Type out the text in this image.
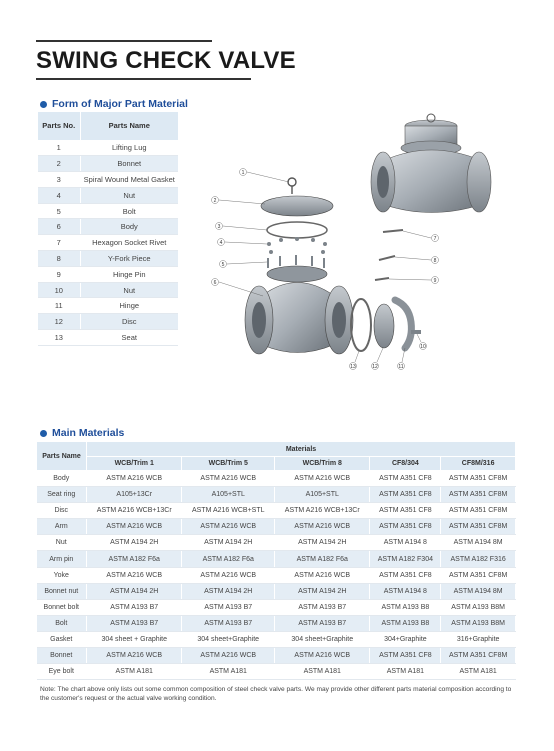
SWING CHECK VALVE
Form of Major Part Material
Parts No.	Parts Name
1	Lifting Lug
2	Bonnet
3	Spiral Wound Metal Gasket
4	Nut
5	Bolt
6	Body
7	Hexagon Socket Rivet
8	Y-Fork Piece
9	Hinge Pin
10	Nut
11	Hinge
12	Disc
13	Seat
1
2
3
4
5
6
7
8
9
10
11
12
13
Main Materials
Parts Name	Materials				
	WCB/Trim 1	WCB/Trim 5	WCB/Trim 8	CF8/304	CF8M/316
Body	ASTM A216 WCB	ASTM A216 WCB	ASTM A216 WCB	ASTM A351 CF8	ASTM A351 CF8M
Seat ring	A105+13Cr	A105+STL	A105+STL	ASTM A351 CF8	ASTM A351 CF8M
Disc	ASTM A216 WCB+13Cr	ASTM A216 WCB+STL	ASTM A216 WCB+13Cr	ASTM A351 CF8	ASTM A351 CF8M
Arm	ASTM A216 WCB	ASTM A216 WCB	ASTM A216 WCB	ASTM A351 CF8	ASTM A351 CF8M
Nut	ASTM A194 2H	ASTM A194 2H	ASTM A194 2H	ASTM A194 8	ASTM A194 8M
Arm pin	ASTM A182 F6a	ASTM A182 F6a	ASTM A182 F6a	ASTM A182 F304	ASTM A182 F316
Yoke	ASTM A216 WCB	ASTM A216 WCB	ASTM A216 WCB	ASTM A351 CF8	ASTM A351 CF8M
Bonnet nut	ASTM A194 2H	ASTM A194 2H	ASTM A194 2H	ASTM A194 8	ASTM A194 8M
Bonnet bolt	ASTM A193 B7	ASTM A193 B7	ASTM A193 B7	ASTM A193 B8	ASTM A193 B8M
Bolt	ASTM A193 B7	ASTM A193 B7	ASTM A193 B7	ASTM A193 B8	ASTM A193 B8M
Gasket	304 sheet + Graphite	304 sheet+Graphite	304 sheet+Graphite	304+Graphite	316+Graphite
Bonnet	ASTM A216 WCB	ASTM A216 WCB	ASTM A216 WCB	ASTM A351 CF8	ASTM A351 CF8M
Eye bolt	ASTM A181	ASTM A181	ASTM A181	ASTM A181	ASTM A181

Note: The chart above only lists out some common composition of steel check valve parts. We may provide other different parts material composition according to the customer's request or the actual valve working condition.
